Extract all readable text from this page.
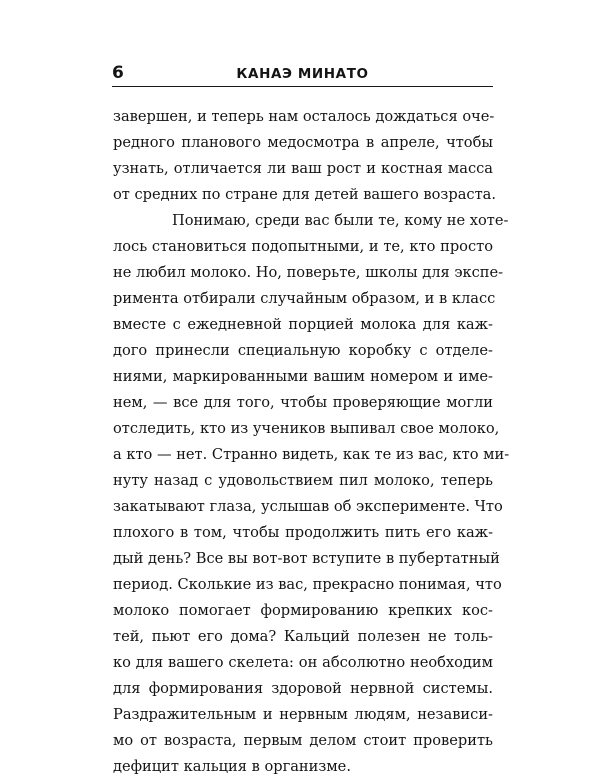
6	КАНАЭ МИНАТО
завершен, и теперь нам осталось дождаться оче-
редного планового медосмотра в апреле, чтобы
узнать, отличается ли ваш рост и костная масса
от средних по стране для детей вашего возраста.
Понимаю, среди вас были те, кому не хоте-
лось становиться подопытными, и те, кто просто
не любил молоко. Но, поверьте, школы для экспе-
римента отбирали случайным образом, и в класс
вместе с ежедневной порцией молока для каж-
дого принесли специальную коробку с отделе-
ниями, маркированными вашим номером и име-
нем, — все для того, чтобы проверяющие могли
отследить, кто из учеников выпивал свое молоко,
а кто — нет. Странно видеть, как те из вас, кто ми-
нуту назад с удовольствием пил молоко, теперь
закатывают глаза, услышав об эксперименте. Что
плохого в том, чтобы продолжить пить его каж-
дый день? Все вы вот-вот вступите в пубертатный
период. Сколькие из вас, прекрасно понимая, что
молоко помогает формированию крепких кос-
тей, пьют его дома? Кальций полезен не толь-
ко для вашего скелета: он абсолютно необходим
для формирования здоровой нервной системы.
Раздражительным и нервным людям, независи-
мо от возраста, первым делом стоит проверить
дефицит кальция в организме.
